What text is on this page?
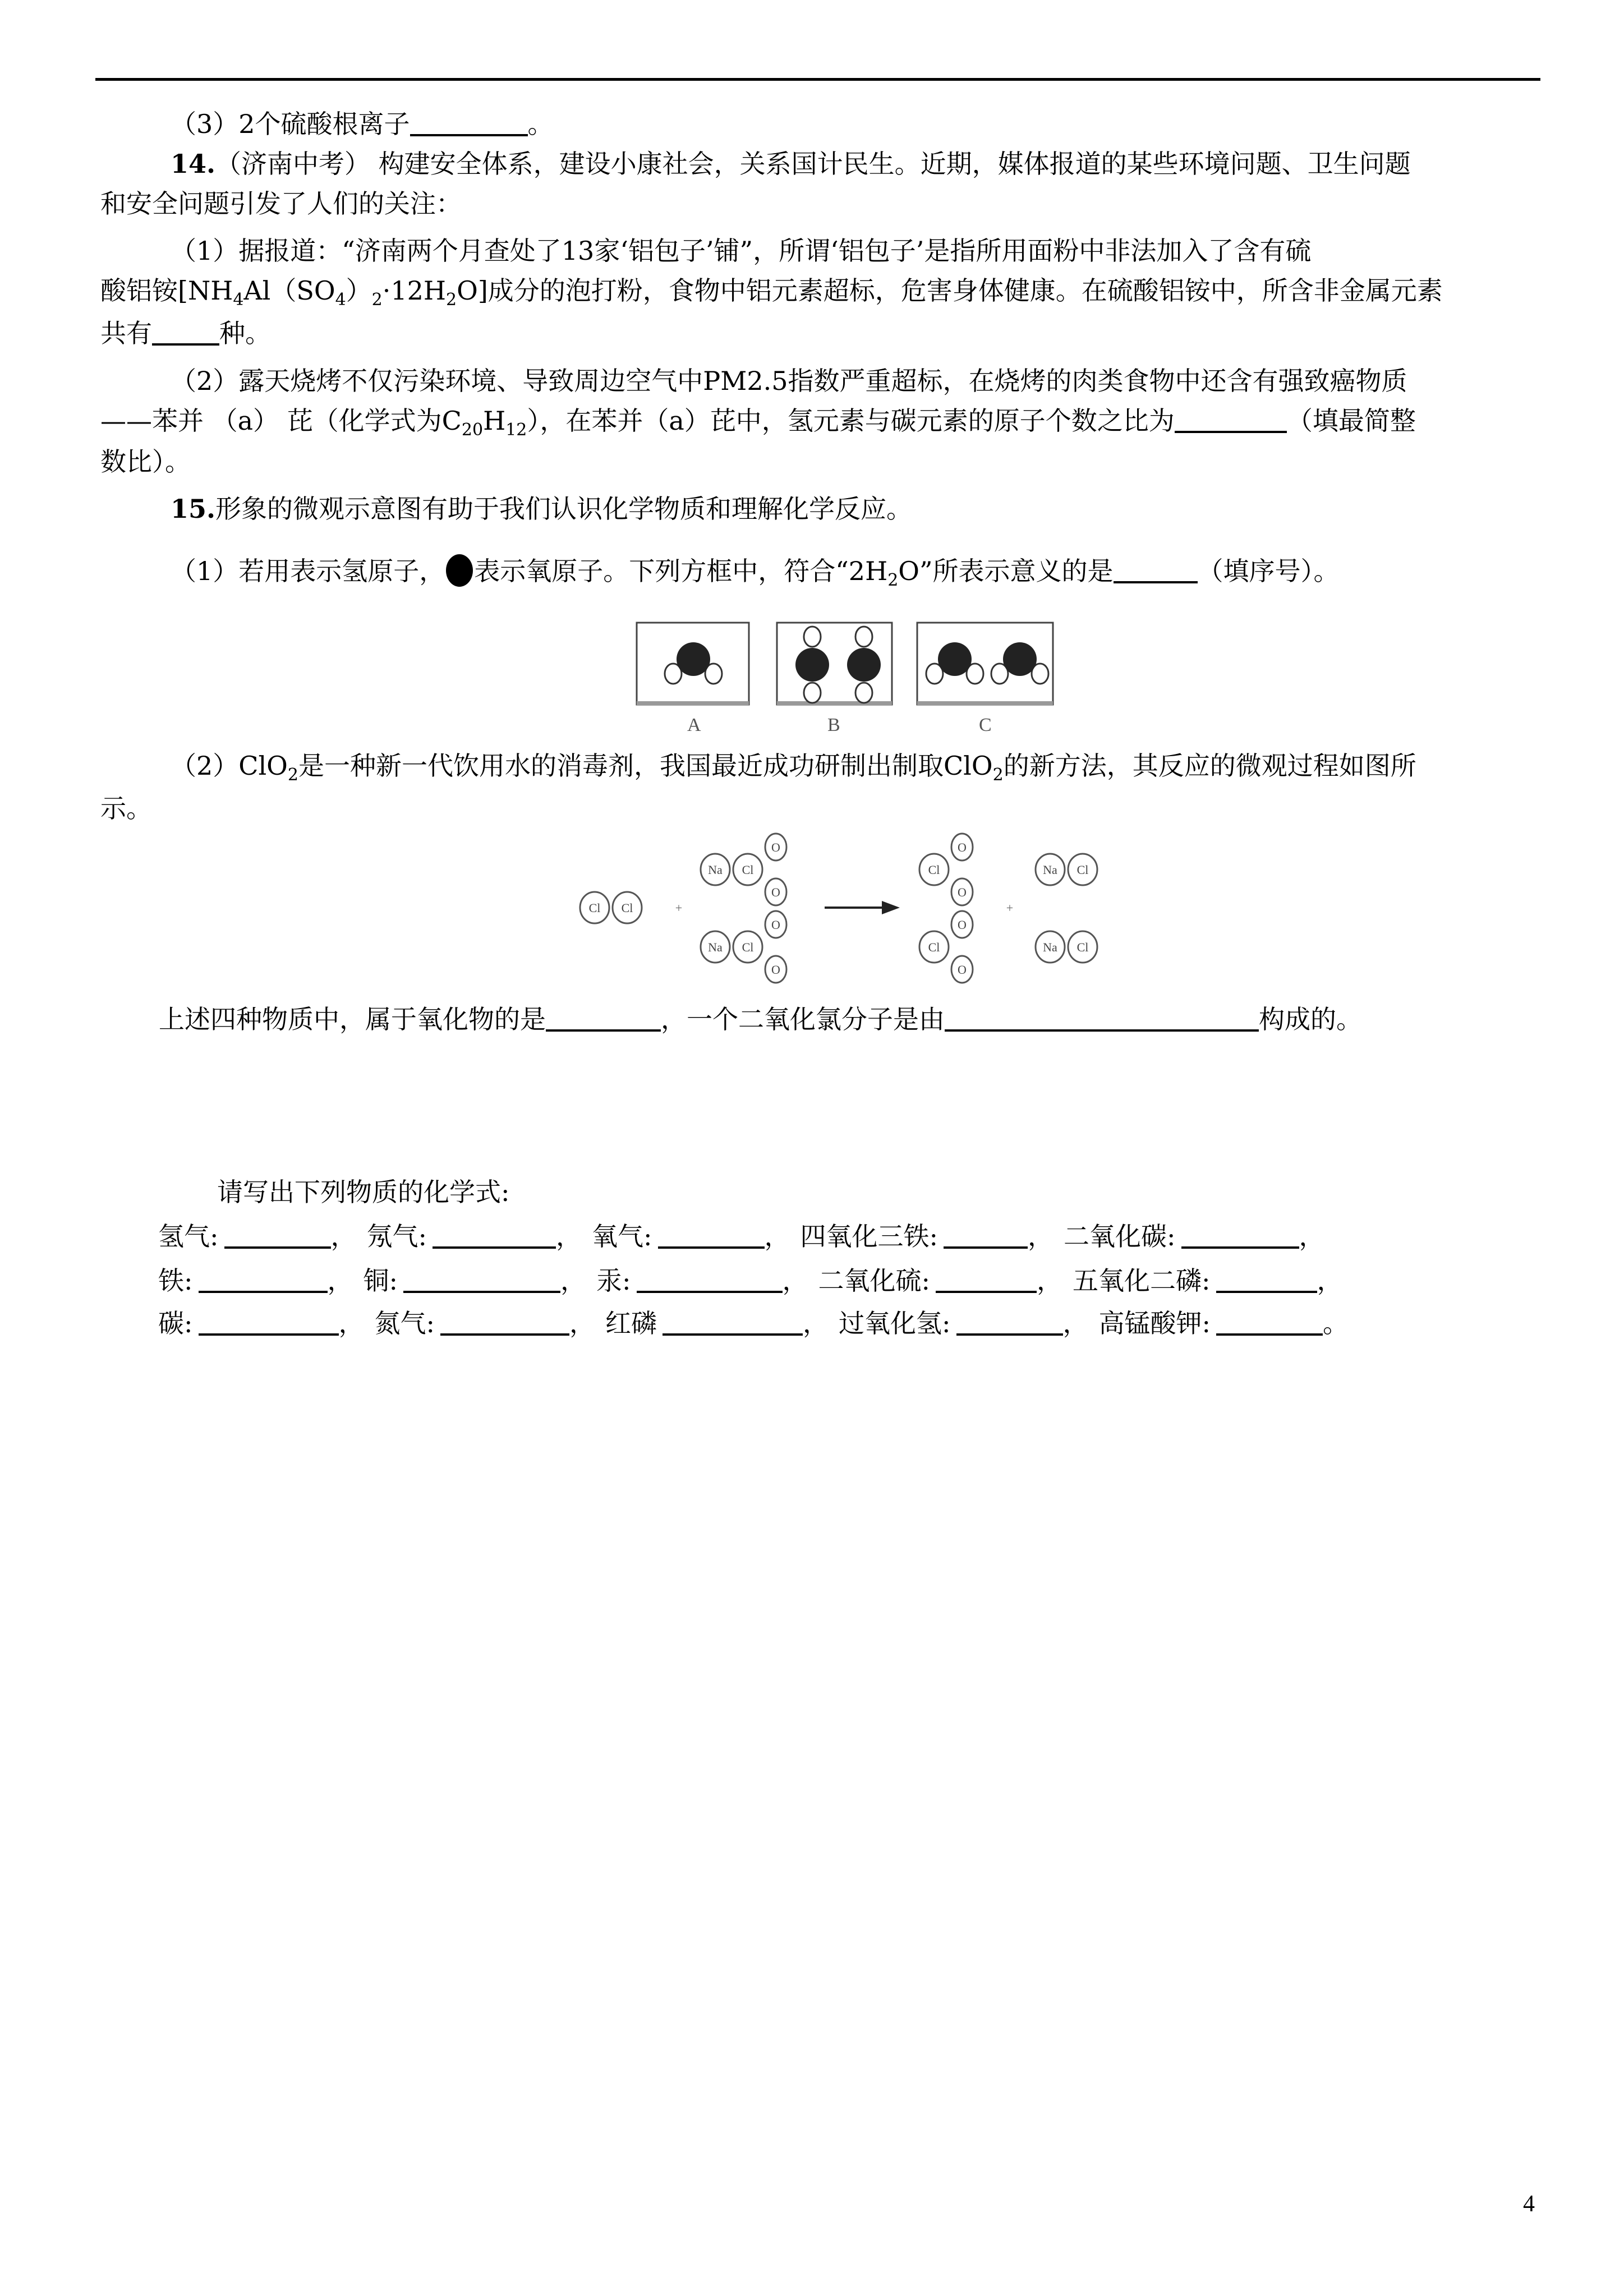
（3）2个硫酸根离子	。
14.（济南中考） 构建安全体系，建设小康社会，关系国计民生。近期，媒体报道的某些环境问题、卫生问题
和安全问题引发了人们的关注：
（1）据报道：“济南两个月查处了13家‘铝包子’铺”，所谓‘铝包子’是指所用面粉中非法加入了含有硫
酸铝铵$[NH_4Al(SO_4)_2\cdot 12H_2O]$成分的泡打粉，食物中铝元素超标，危害身体健康。在硫酸铝铵中，所含非金属元素
共有	种。
（2）露天烧烤不仅污染环境、导致周边空气中PM2.5指数严重超标，在烧烤的肉类食物中还含有强致癌物质
——苯并 （a） 芘（化学式为$C_{20}H_{12}$），在苯并（a）芘中，氢元素与碳元素的原子个数之比为	（填最简整
数比）。
15.形象的微观示意图有助于我们认识化学物质和理解化学反应。
（1）若用表示氢原子， 表示氧原子。下列方框中，符合“$2H_2O$”所表示意义的是	（填序号）。
A	B	C
（2）ClO$_2$是一种新一代饮用水的消毒剂，我国最近成功研制出制取ClO$_2$的新方法，其反应的微观过程如图所
示。
Cl Cl	+
Na Cl
O
O
Na Cl
O
O
Cl
O
O
Cl
O
O
+
Na Cl
Na Cl
上述四种物质中，属于氧化物的是	，一个二氧化氯分子是由	构成的。
请写出下列物质的化学式:
氢气:	， 氖气:	， 氧气:	， 四氧化三铁:	， 二氧化碳:	，
铁:	， 铜:	， 汞:	， 二氧化硫:	， 五氧化二磷:	，
碳:	， 氮气:	， 红磷	， 过氧化氢:	， 高锰酸钾:	。
4
